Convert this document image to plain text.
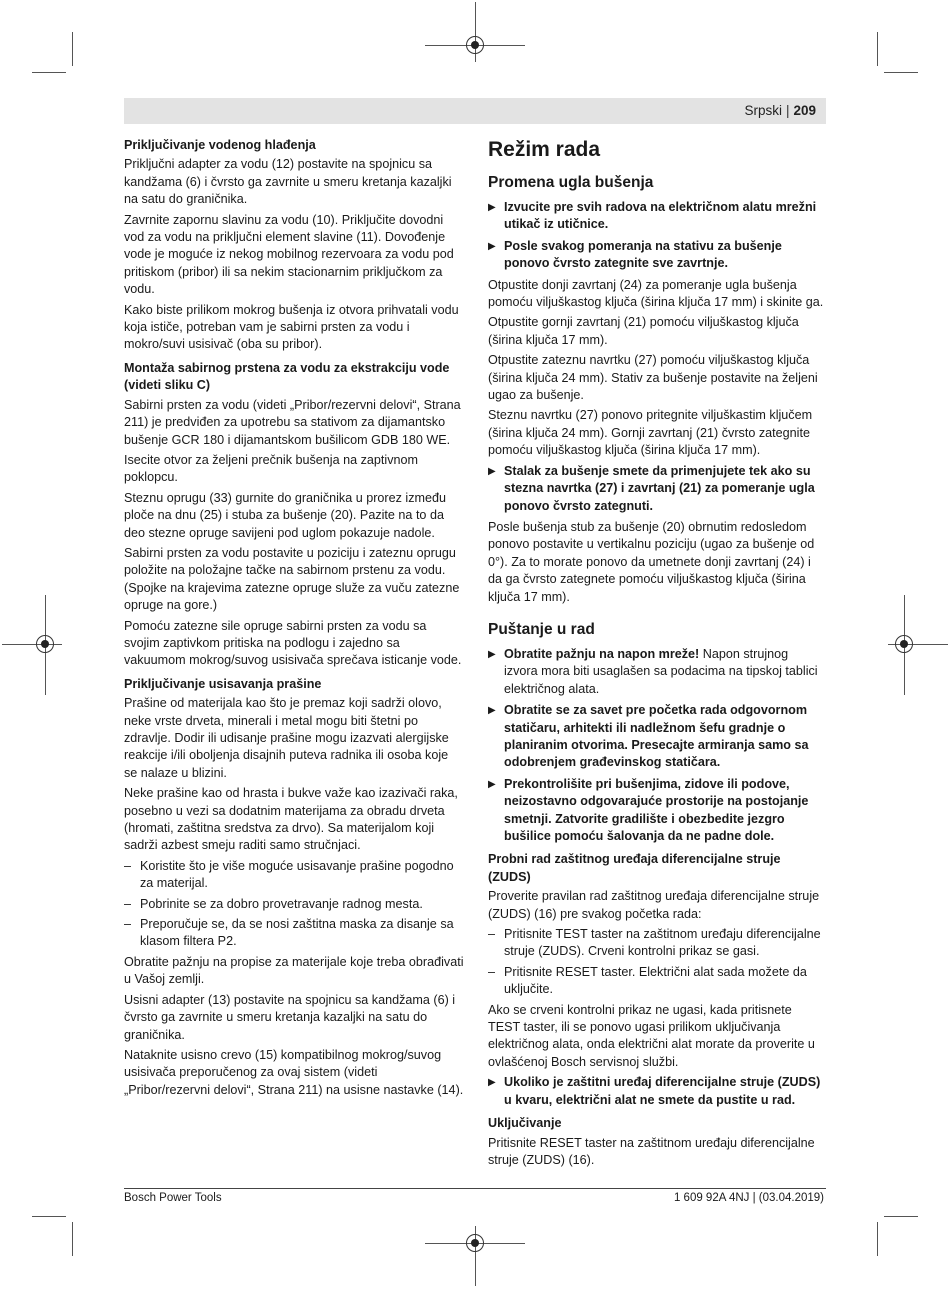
Srpski | 209

Priključivanje vodenog hlađenja

Priključni adapter za vodu (12) postavite na spojnicu sa kandžama (6) i čvrsto ga zavrnite u smeru kretanja kazaljki na satu do graničnika.

Zavrnite zapornu slavinu za vodu (10). Priključite dovodni vod za vodu na priključni element slavine (11). Dovođenje vode je moguće iz nekog mobilnog rezervoara za vodu pod pritiskom (pribor) ili sa nekim stacionarnim priključkom za vodu.

Kako biste prilikom mokrog bušenja iz otvora prihvatali vodu koja ističe, potreban vam je sabirni prsten za vodu i mokro/suvi usisivač (oba su pribor).

Montaža sabirnog prstena za vodu za ekstrakciju vode (videti sliku C)

Sabirni prsten za vodu (videti „Pribor/rezervni delovi“, Strana 211) je predviđen za upotrebu sa stativom za dijamantsko bušenje GCR 180 i dijamantskom bušilicom GDB 180 WE.

Isecite otvor za željeni prečnik bušenja na zaptivnom poklopcu.

Steznu oprugu (33) gurnite do graničnika u prorez između ploče na dnu (25) i stuba za bušenje (20). Pazite na to da deo stezne opruge savijeni pod uglom pokazuje nadole.

Sabirni prsten za vodu postavite u poziciju i zateznu oprugu položite na položajne tačke na sabirnom prstenu za vodu. (Spojke na krajevima zatezne opruge služe za vuču zatezne opruge na gore.)

Pomoću zatezne sile opruge sabirni prsten za vodu sa svojim zaptivkom pritiska na podlogu i zajedno sa vakuumom mokrog/suvog usisivača sprečava isticanje vode.

Priključivanje usisavanja prašine

Prašine od materijala kao što je premaz koji sadrži olovo, neke vrste drveta, minerali i metal mogu biti štetni po zdravlje. Dodir ili udisanje prašine mogu izazvati alergijske reakcije i/ili oboljenja disajnih puteva radnika ili osoba koje se nalaze u blizini.

Neke prašine kao od hrasta i bukve važe kao izazivači raka, posebno u vezi sa dodatnim materijama za obradu drveta (hromati, zaštitna sredstva za drvo). Sa materijalom koji sadrži azbest smeju raditi samo stručnjaci.

– Koristite što je više moguće usisavanje prašine pogodno za materijal.

– Pobrinite se za dobro provetravanje radnog mesta.

– Preporučuje se, da se nosi zaštitna maska za disanje sa klasom filtera P2.

Obratite pažnju na propise za materijale koje treba obrađivati u Vašoj zemlji.

Usisni adapter (13) postavite na spojnicu sa kandžama (6) i čvrsto ga zavrnite u smeru kretanja kazaljki na satu do graničnika.

Nataknite usisno crevo (15) kompatibilnog mokrog/suvog usisivača preporučenog za ovaj sistem (videti „Pribor/rezervni delovi“, Strana 211) na usisne nastavke (14).

Režim rada
Promena ugla bušenja

▶ Izvucite pre svih radova na električnom alatu mrežni utikač iz utičnice.

▶ Posle svakog pomeranja na stativu za bušenje ponovo čvrsto zategnite sve zavrtnje.

Otpustite donji zavrtanj (24) za pomeranje ugla bušenja pomoću viljuškastog ključa (širina ključa 17 mm) i skinite ga.

Otpustite gornji zavrtanj (21) pomoću viljuškastog ključa (širina ključa 17 mm).

Otpustite zateznu navrtku (27) pomoću viljuškastog ključa (širina ključa 24 mm). Stativ za bušenje postavite na željeni ugao za bušenje.

Steznu navrtku (27) ponovo pritegnite viljuškastim ključem (širina ključa 24 mm). Gornji zavrtanj (21) čvrsto zategnite pomoću viljuškastog ključa (širina ključa 17 mm).

▶ Stalak za bušenje smete da primenjujete tek ako su stezna navrtka (27) i zavrtanj (21) za pomeranje ugla ponovo čvrsto zategnuti.

Posle bušenja stub za bušenje (20) obrnutim redosledom ponovo postavite u vertikalnu poziciju (ugao za bušenje od 0°). Za to morate ponovo da umetnete donji zavrtanj (24) i da ga čvrsto zategnete pomoću viljuškastog ključa (širina ključa 17 mm).

Puštanje u rad

▶ Obratite pažnju na napon mreže! Napon strujnog izvora mora biti usaglašen sa podacima na tipskoj tablici električnog alata.

▶ Obratite se za savet pre početka rada odgovornom statičaru, arhitekti ili nadležnom šefu gradnje o planiranim otvorima. Presecajte armiranja samo sa odobrenjem građevinskog statičara.

▶ Prekontrolišite pri bušenjima, zidove ili podove, neizostavno odgovarajuće prostorije na postojanje smetnji. Zatvorite gradilište i obezbedite jezgro bušilice pomoću šalovanja da ne padne dole.

Probni rad zaštitnog uređaja diferencijalne struje (ZUDS)

Proverite pravilan rad zaštitnog uređaja diferencijalne struje (ZUDS) (16) pre svakog početka rada:

– Pritisnite TEST taster na zaštitnom uređaju diferencijalne struje (ZUDS). Crveni kontrolni prikaz se gasi.

– Pritisnite RESET taster. Električni alat sada možete da uključite.

Ako se crveni kontrolni prikaz ne ugasi, kada pritisnete TEST taster, ili se ponovo ugasi prilikom uključivanja električnog alata, onda električni alat morate da proverite u ovlašćenoj Bosch servisnoj službi.

▶ Ukoliko je zaštitni uređaj diferencijalne struje (ZUDS) u kvaru, električni alat ne smete da pustite u rad.

Uključivanje

Pritisnite RESET taster na zaštitnom uređaju diferencijalne struje (ZUDS) (16).

Bosch Power Tools	1 609 92A 4NJ | (03.04.2019)
